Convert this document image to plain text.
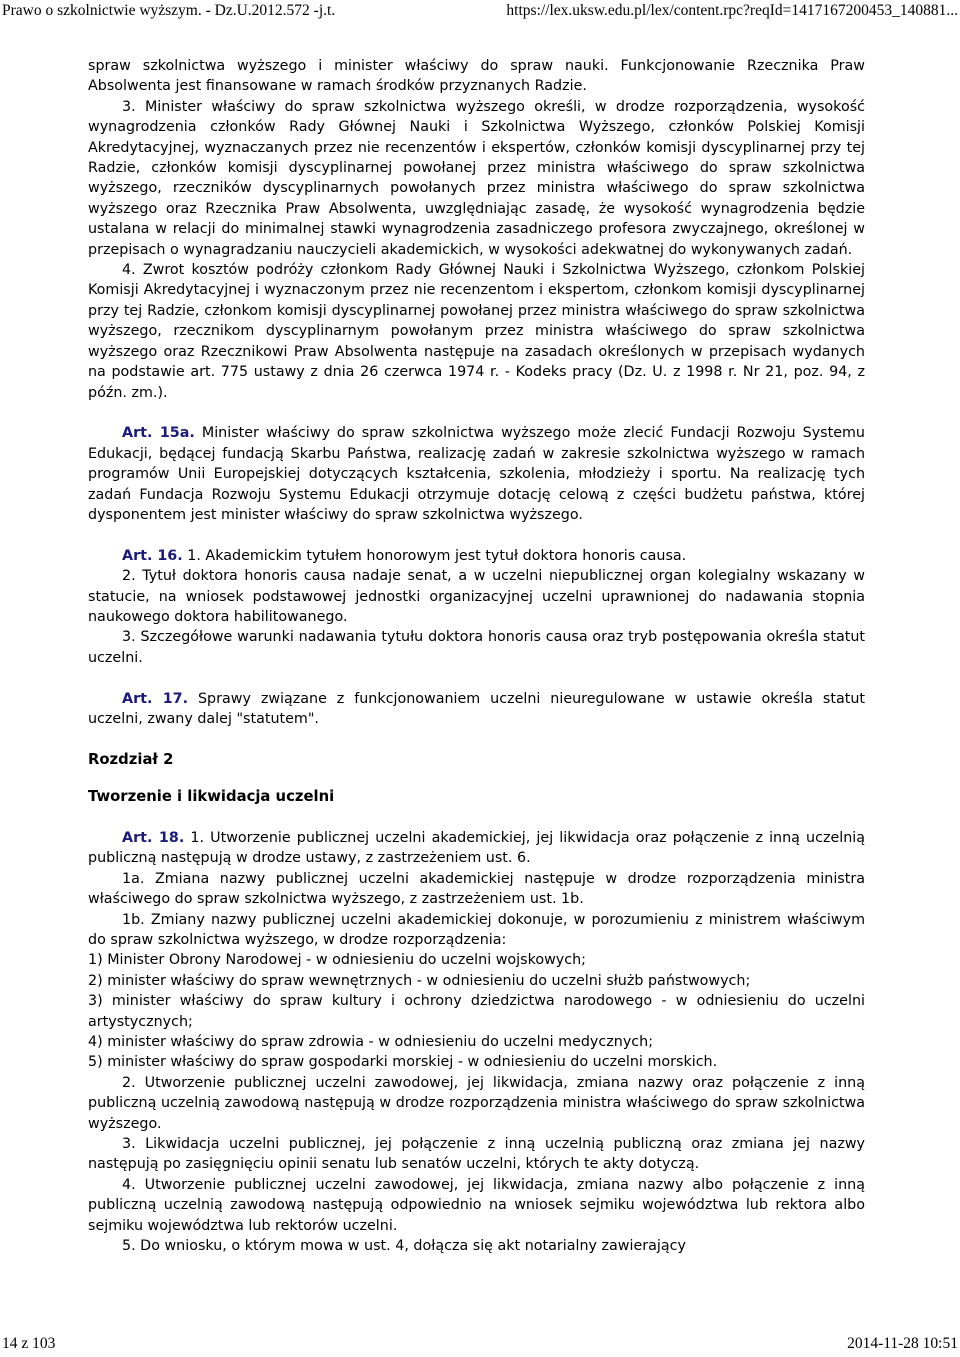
Prawo o szkolnictwie wyższym. - Dz.U.2012.572 -j.t.	https://lex.uksw.edu.pl/lex/content.rpc?reqId=1417167200453_140881...

spraw szkolnictwa wyższego i minister właściwy do spraw nauki. Funkcjonowanie Rzecznika Praw Absolwenta jest finansowane w ramach środków przyznanych Radzie.

3. Minister właściwy do spraw szkolnictwa wyższego określi, w drodze rozporządzenia, wysokość wynagrodzenia członków Rady Głównej Nauki i Szkolnictwa Wyższego, członków Polskiej Komisji Akredytacyjnej, wyznaczanych przez nie recenzentów i ekspertów, członków komisji dyscyplinarnej przy tej Radzie, członków komisji dyscyplinarnej powołanej przez ministra właściwego do spraw szkolnictwa wyższego, rzeczników dyscyplinarnych powołanych przez ministra właściwego do spraw szkolnictwa wyższego oraz Rzecznika Praw Absolwenta, uwzględniając zasadę, że wysokość wynagrodzenia będzie ustalana w relacji do minimalnej stawki wynagrodzenia zasadniczego profesora zwyczajnego, określonej w przepisach o wynagradzaniu nauczycieli akademickich, w wysokości adekwatnej do wykonywanych zadań.

4. Zwrot kosztów podróży członkom Rady Głównej Nauki i Szkolnictwa Wyższego, członkom Polskiej Komisji Akredytacyjnej i wyznaczonym przez nie recenzentom i ekspertom, członkom komisji dyscyplinarnej przy tej Radzie, członkom komisji dyscyplinarnej powołanej przez ministra właściwego do spraw szkolnictwa wyższego, rzecznikom dyscyplinarnym powołanym przez ministra właściwego do spraw szkolnictwa wyższego oraz Rzecznikowi Praw Absolwenta następuje na zasadach określonych w przepisach wydanych na podstawie art. 775 ustawy z dnia 26 czerwca 1974 r. - Kodeks pracy (Dz. U. z 1998 r. Nr 21, poz. 94, z późn. zm.).

Art. 15a. Minister właściwy do spraw szkolnictwa wyższego może zlecić Fundacji Rozwoju Systemu Edukacji, będącej fundacją Skarbu Państwa, realizację zadań w zakresie szkolnictwa wyższego w ramach programów Unii Europejskiej dotyczących kształcenia, szkolenia, młodzieży i sportu. Na realizację tych zadań Fundacja Rozwoju Systemu Edukacji otrzymuje dotację celową z części budżetu państwa, której dysponentem jest minister właściwy do spraw szkolnictwa wyższego.

Art. 16. 1. Akademickim tytułem honorowym jest tytuł doktora honoris causa.

2. Tytuł doktora honoris causa nadaje senat, a w uczelni niepublicznej organ kolegialny wskazany w statucie, na wniosek podstawowej jednostki organizacyjnej uczelni uprawnionej do nadawania stopnia naukowego doktora habilitowanego.

3. Szczegółowe warunki nadawania tytułu doktora honoris causa oraz tryb postępowania określa statut uczelni.

Art. 17. Sprawy związane z funkcjonowaniem uczelni nieuregulowane w ustawie określa statut uczelni, zwany dalej "statutem".

Rozdział 2

Tworzenie i likwidacja uczelni

Art. 18. 1. Utworzenie publicznej uczelni akademickiej, jej likwidacja oraz połączenie z inną uczelnią publiczną następują w drodze ustawy, z zastrzeżeniem ust. 6.

1a. Zmiana nazwy publicznej uczelni akademickiej następuje w drodze rozporządzenia ministra właściwego do spraw szkolnictwa wyższego, z zastrzeżeniem ust. 1b.

1b. Zmiany nazwy publicznej uczelni akademickiej dokonuje, w porozumieniu z ministrem właściwym do spraw szkolnictwa wyższego, w drodze rozporządzenia:

1) Minister Obrony Narodowej - w odniesieniu do uczelni wojskowych;

2) minister właściwy do spraw wewnętrznych - w odniesieniu do uczelni służb państwowych;

3) minister właściwy do spraw kultury i ochrony dziedzictwa narodowego - w odniesieniu do uczelni artystycznych;

4) minister właściwy do spraw zdrowia - w odniesieniu do uczelni medycznych;

5) minister właściwy do spraw gospodarki morskiej - w odniesieniu do uczelni morskich.

2. Utworzenie publicznej uczelni zawodowej, jej likwidacja, zmiana nazwy oraz połączenie z inną publiczną uczelnią zawodową następują w drodze rozporządzenia ministra właściwego do spraw szkolnictwa wyższego.

3. Likwidacja uczelni publicznej, jej połączenie z inną uczelnią publiczną oraz zmiana jej nazwy następują po zasięgnięciu opinii senatu lub senatów uczelni, których te akty dotyczą.

4. Utworzenie publicznej uczelni zawodowej, jej likwidacja, zmiana nazwy albo połączenie z inną publiczną uczelnią zawodową następują odpowiednio na wniosek sejmiku województwa lub rektora albo sejmiku województwa lub rektorów uczelni.

5. Do wniosku, o którym mowa w ust. 4, dołącza się akt notarialny zawierający

14 z 103	2014-11-28 10:51
